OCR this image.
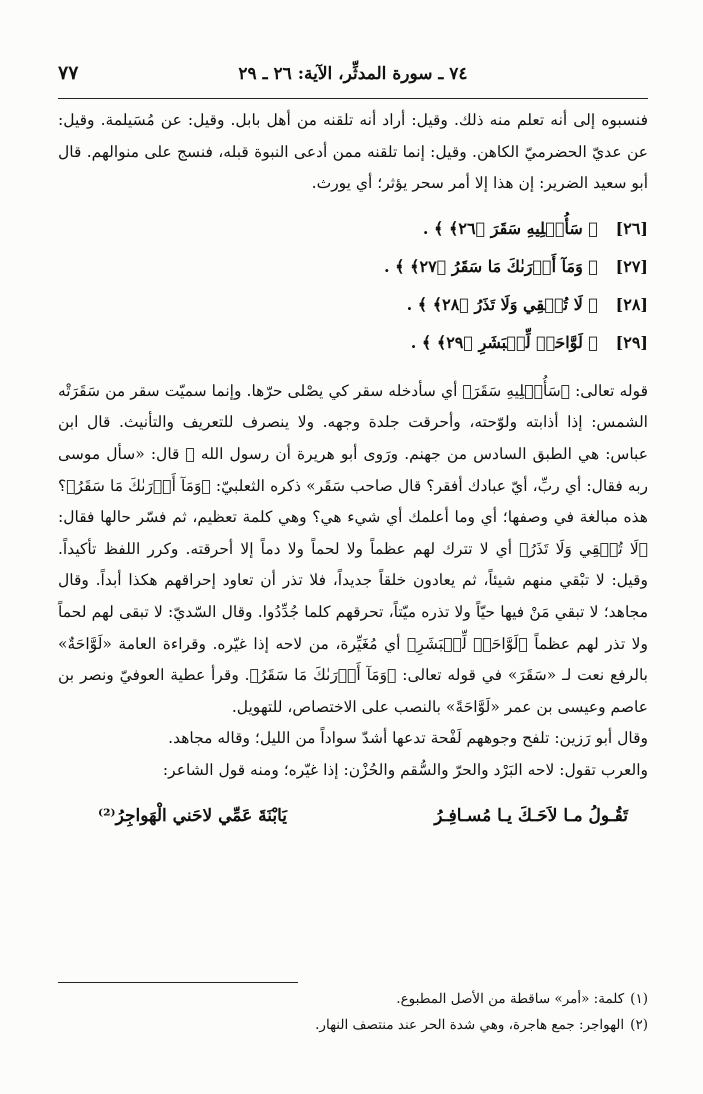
٧٤ ـ سورة المدثِّر، الآية: ٢٦ ـ ٢٩
٧٧

فنسبوه إلى أنه تعلم منه ذلك. وقيل: أراد أنه تلقنه من أهل بابل. وقيل: عن مُسَيلمة. وقيل: عن عديّ الحضرميّ الكاهن. وقيل: إنما تلقنه ممن أدعى النبوة قبله، فنسج على منوالهم. قال أبو سعيد الضرير: إن هذا إلا أمر سحر يؤثر؛ أي يورث.

[٢٦]
﴿ سَأُصۡلِيهِ سَقَرَ ﴿٢٦﴾ ﴾ .
[٢٧]
﴿ وَمَآ أَدۡرَىٰكَ مَا سَقَرُ ﴿٢٧﴾ ﴾ .
[٢٨]
﴿ لَا تُبۡقِي وَلَا تَذَرُ ﴿٢٨﴾ ﴾ .
[٢٩]
﴿ لَوَّاحَةٞ لِّلۡبَشَرِ ﴿٢٩﴾ ﴾ .

قوله تعالى: ﴿سَأُصۡلِيهِ سَقَرَ﴾ أي سأدخله سقر كي يصْلى حرّها. وإنما سميّت سقر من سَقَرَتْه الشمس: إذا أذابته ولوّحته، وأحرقت جلدة وجهه. ولا ينصرف للتعريف والتأنيث. قال ابن عباس: هي الطبق السادس من جهنم. ورَوى أبو هريرة أن رسول الله ﷺ قال: «سأل موسى ربه فقال: أي ربِّ، أيّ عبادك أفقر؟ قال صاحب سَقَر» ذكره الثعلبيّ: ﴿وَمَآ أَدۡرَىٰكَ مَا سَقَرُ﴾؟ هذه مبالغة في وصفها؛ أي وما أعلمك أي شيء هي؟ وهي كلمة تعظيم، ثم فسّر حالها فقال: ﴿لَا تُبۡقِي وَلَا تَذَرُ﴾ أي لا تترك لهم عظماً ولا لحماً ولا دماً إلا أحرقته. وكرر اللفظ تأكيداً. وقيل: لا تبْقي منهم شيئاً، ثم يعادون خلقاً جديداً، فلا تذر أن تعاود إحراقهم هكذا أبداً. وقال مجاهد؛ لا تبقي مَنْ فيها حيّاً ولا تذره ميّتاً، تحرقهم كلما جُدِّدُوا. وقال السّديّ: لا تبقى لهم لحماً ولا تذر لهم عظماً ﴿لَوَّاحَةٞ لِّلۡبَشَرِ﴾ أي مُغَيِّرة، من لاحه إذا غيّره. وقراءة العامة «لَوَّاحَةٌ» بالرفع نعت لـ «سَقَرَ» في قوله تعالى: ﴿وَمَآ أَدۡرَىٰكَ مَا سَقَرُ﴾. وقرأ عطية العوفيّ ونصر بن عاصم وعيسى بن عمر «لَوَّاحَةً» بالنصب على الاختصاص، للتهويل.

وقال أبو رَزين: تلفح وجوههم لَفْحة تدعها أشدّ سواداً من الليل؛ وقاله مجاهد.

والعرب تقول: لاحه البَرْد والحرّ والسُّقم والحُزْن: إذا غيّره؛ ومنه قول الشاعر:

تَقُـولُ مـا لاَحَـكَ يـا مُسـافِـرُ
يَابْنَةَ عَمِّي لاحَني الْهَواجِرُ⁽²⁾
(١)
كلمة: «أمر» ساقطة من الأصل المطبوع.
(٢)
الهواجر: جمع هاجرة، وهي شدة الحر عند منتصف النهار.
